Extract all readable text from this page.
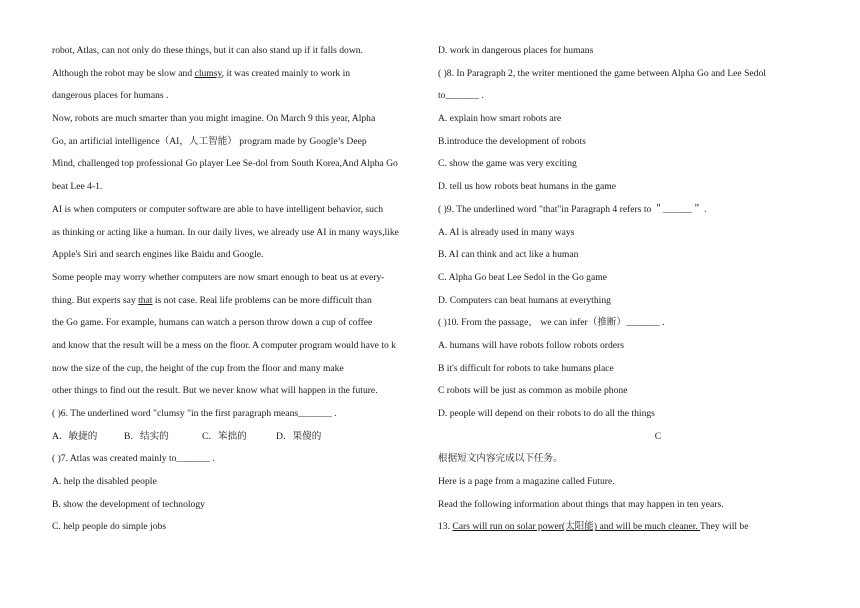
robot, Atlas, can not only do these things, but it can also stand up if it falls down.
Although the robot may be slow and clumsy, it was created mainly to work in
dangerous places for humans .
Now, robots are much smarter than you might imagine. On March 9 this year, Alpha
Go, an artificial intelligence（AI，人工智能） program made by Google’s Deep
Mind, challenged top professional Go player Lee Se-dol from South Korea,And Alpha Go
beat Lee 4-1.
AI is when computers or computer software are able to have intelligent behavior, such
as thinking or acting like a human. In our daily lives, we already use AI in many ways,like
Apple's Siri and search engines like Baidu and Google.
Some people may worry whether computers are now smart enough to beat us at every-
thing. But experts say that is not case. Real life problems can be more difficult than
the Go game. For example, humans can watch a person throw down a cup of coffee
and know that the result will be a mess on the floor. A computer program would have to k
now the size of the cup, the height of the cup from the floor and many make
other things to find out the result. But we never know what will happen in the future.
( )6. The underlined word "clumsy "in the first paragraph means_______ .
A．敏捷的	B．结实的	C．笨拙的	D．果傻的
( )7. Atlas was created mainly to_______ .
A. help the disabled people
B. show the development of technology
C. help people do simple jobs
D. work in dangerous places for humans
( )8. In Paragraph 2, the writer mentioned the game between Alpha Go and Lee Sedol
to_______ .
A. explain how smart robots are
B.introduce the development of robots
C. show the game was very exciting
D. tell us how robots beat humans in the game
( )9. The underlined word "that"in Paragraph 4 refers to ＂______＂ .
A. AI is already used in many ways
B. AI can think and act like a human
C. Alpha Go beat Lee Sedol in the Go game
D. Computers can beat humans at everything
( )10. From the passage， we can infer（推断）_______ .
A. humans will have robots follow robots orders
B it's difficult for robots to take humans place
C robots will be just as common as mobile phone
D. people will depend on their robots to do all the things
C
根据短文内容完成以下任务。
Here is a page from a magazine called Future.
Read the following information about things that may happen in ten years.
13. Cars will run on solar power(太阳能) and will be much cleaner. They will be
